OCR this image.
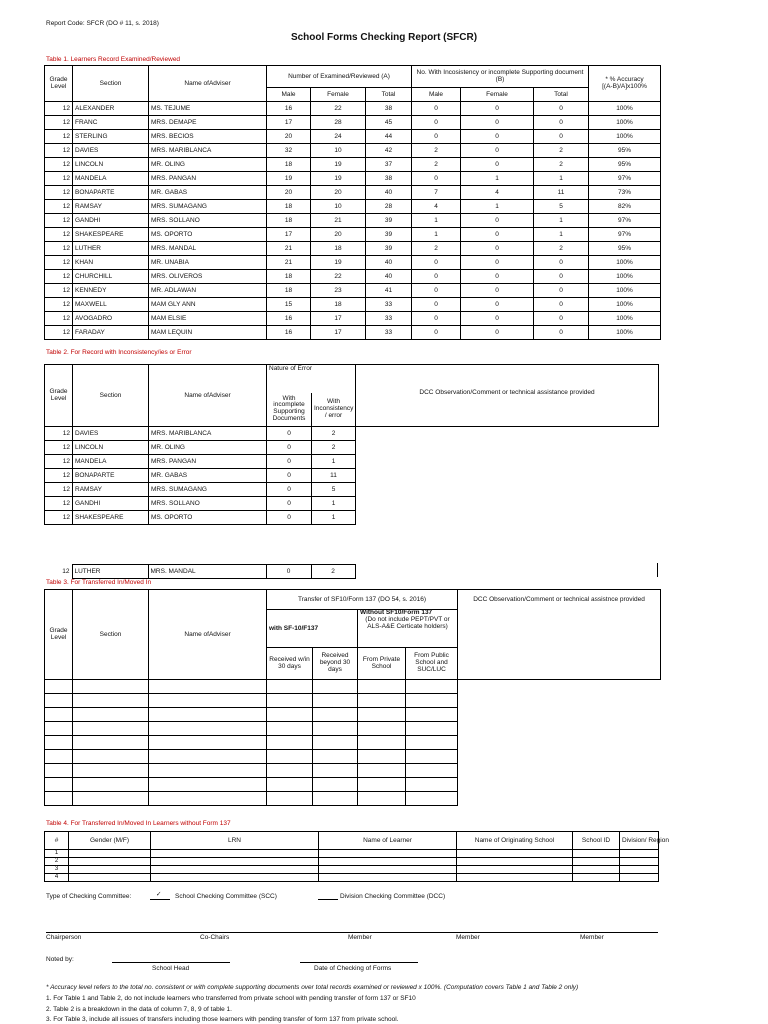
Report Code: SFCR (DO # 11, s. 2018)
School Forms Checking Report (SFCR)
Table 1. Learners Record Examined/Reviewed
Grade Level	Section	Name ofAdviser	Number of Examined/Reviewed (A)			No. With Incosistency or incomplete Supporting document (B)			* % Accuracy
[(A-B)/A]x100%
			Male	Female	Total	Male	Female	Total	
12	ALEXANDER	MS. TEJUME	16	22	38	0	0	0	100%
12	FRANC	MRS. DEMAPE	17	28	45	0	0	0	100%
12	STERLING	MRS. BECIOS	20	24	44	0	0	0	100%
12	DAVIES	MRS. MARIBLANCA	32	10	42	2	0	2	95%
12	LINCOLN	MR. OLING	18	19	37	2	0	2	95%
12	MANDELA	MRS. PANGAN	19	19	38	0	1	1	97%
12	BONAPARTE	MR. GABAS	20	20	40	7	4	11	73%
12	RAMSAY	MRS. SUMAGANG	18	10	28	4	1	5	82%
12	GANDHI	MRS. SOLLANO	18	21	39	1	0	1	97%
12	SHAKESPEARE	MS. OPORTO	17	20	39	1	0	1	97%
12	LUTHER	MRS. MANDAL	21	18	39	2	0	2	95%
12	KHAN	MR. UNABIA	21	19	40	0	0	0	100%
12	CHURCHILL	MRS. OLIVEROS	18	22	40	0	0	0	100%
12	KENNEDY	MR. ADLAWAN	18	23	41	0	0	0	100%
12	MAXWELL	MAM GLY ANN	15	18	33	0	0	0	100%
12	AVOGADRO	MAM ELSIE	16	17	33	0	0	0	100%
12	FARADAY	MAM LEQUIN	16	17	33	0	0	0	100%
Table 2. For Record with Inconsistency/ies or Error
Grade Level	Section	Name ofAdviser	Nature of Error		DCC Observation/Comment or technical assistance provided
			With incomplete Supporting Documents	With Inconsistency / error	
12	DAVIES	MRS. MARIBLANCA	0	2	
12	LINCOLN	MR. OLING	0	2	
12	MANDELA	MRS. PANGAN	0	1	
12	BONAPARTE	MR. GABAS	0	11	
12	RAMSAY	MRS. SUMAGANG	0	5	
12	GANDHI	MRS. SOLLANO	0	1	
12	SHAKESPEARE	MS. OPORTO	0	1	

12	LUTHER	MRS. MANDAL	0	2
Table 3. For Transferred In/Moved In
Grade Level	Section	Name ofAdviser	Transfer of SF10/Form 137 (DO 54, s. 2016)				DCC Observation/Comment or technical assistnce provided
			with SF-10/F137		Without SF10/Form 137

(Do not include PEPT/PVT or ALS-A&E Certicate holders)		

			Received w/in 30 days	Received beyond 30 days	From Private School	From Public School and SUC/LUC	

Table 4. For Transferred In/Moved In Learners without Form 137
#	Gender (M/F)	LRN	Name of Learner	Name of Originating School	School ID	Division/ Region
1						
2						
3						
4						
Type of Checking Committee:	✓ School Checking Committee (SCC)	Division Checking Committee (DCC)
Chairperson	Co-Chairs	Member	Member	Member
Noted by:
School Head	Date of Checking of Forms
* Accuracy level refers to the total no. consistent or with complete supporting documents over total records examined or reviewed x 100%. (Computation covers Table 1 and Table 2 only)
1. For Table 1 and Table 2, do not include learners who transferred from private school with pending transfer of form 137 or SF10
2. Table 2 is a breakdown in the data of column 7, 8, 9 of table 1.
3. For Table 3, include all issues of transfers including those learners with pending transfer of form 137 from private school.
